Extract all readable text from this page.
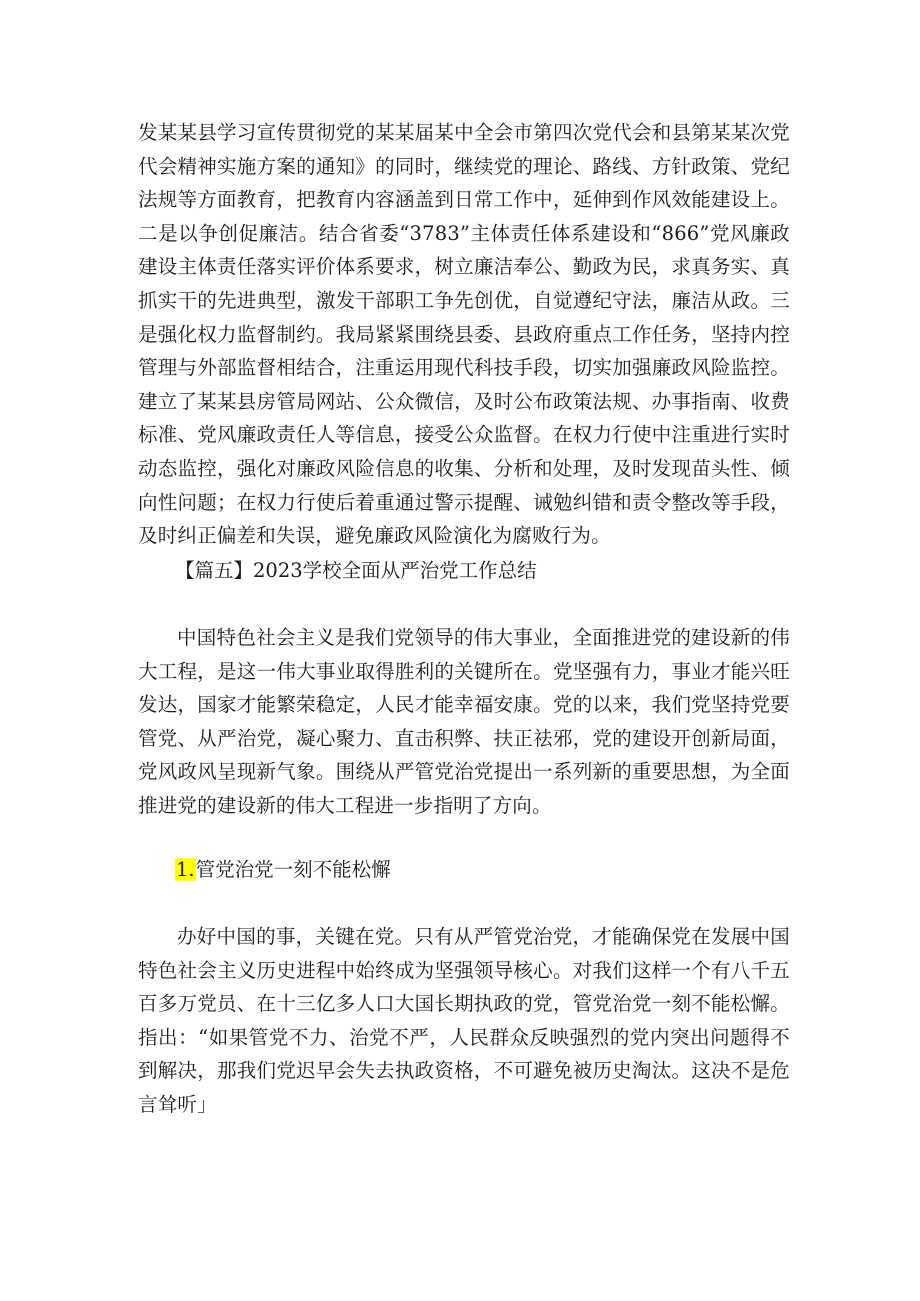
发某某县学习宣传贯彻党的某某届某中全会市第四次党代会和县第某某次党代会精神实施方案的通知》的同时，继续党的理论、路线、方针政策、党纪法规等方面教育，把教育内容涵盖到日常工作中，延伸到作风效能建设上。二是以争创促廉洁。结合省委“3783”主体责任体系建设和“866”党风廉政建设主体责任落实评价体系要求，树立廉洁奉公、勤政为民，求真务实、真抓实干的先进典型，激发干部职工争先创优，自觉遵纪守法，廉洁从政。三是强化权力监督制约。我局紧紧围绕县委、县政府重点工作任务，坚持内控管理与外部监督相结合，注重运用现代科技手段，切实加强廉政风险监控。建立了某某县房管局网站、公众微信，及时公布政策法规、办事指南、收费标准、党风廉政责任人等信息，接受公众监督。在权力行使中注重进行实时动态监控，强化对廉政风险信息的收集、分析和处理，及时发现苗头性、倾向性问题；在权力行使后着重通过警示提醒、诫勉纠错和责令整改等手段，及时纠正偏差和失误，避免廉政风险演化为腐败行为。

【篇五】2023学校全面从严治党工作总结

中国特色社会主义是我们党领导的伟大事业，全面推进党的建设新的伟大工程，是这一伟大事业取得胜利的关键所在。党坚强有力，事业才能兴旺发达，国家才能繁荣稳定，人民才能幸福安康。党的以来，我们党坚持党要管党、从严治党，凝心聚力、直击积弊、扶正祛邪，党的建设开创新局面，党风政风呈现新气象。围绕从严管党治党提出一系列新的重要思想，为全面推进党的建设新的伟大工程进一步指明了方向。

1.管党治党一刻不能松懈

办好中国的事，关键在党。只有从严管党治党，才能确保党在发展中国特色社会主义历史进程中始终成为坚强领导核心。对我们这样一个有八千五百多万党员、在十三亿多人口大国长期执政的党，管党治党一刻不能松懈。指出：“如果管党不力、治党不严，人民群众反映强烈的党内突出问题得不到解决，那我们党迟早会失去执政资格，不可避免被历史淘汰。这决不是危言耸听」
